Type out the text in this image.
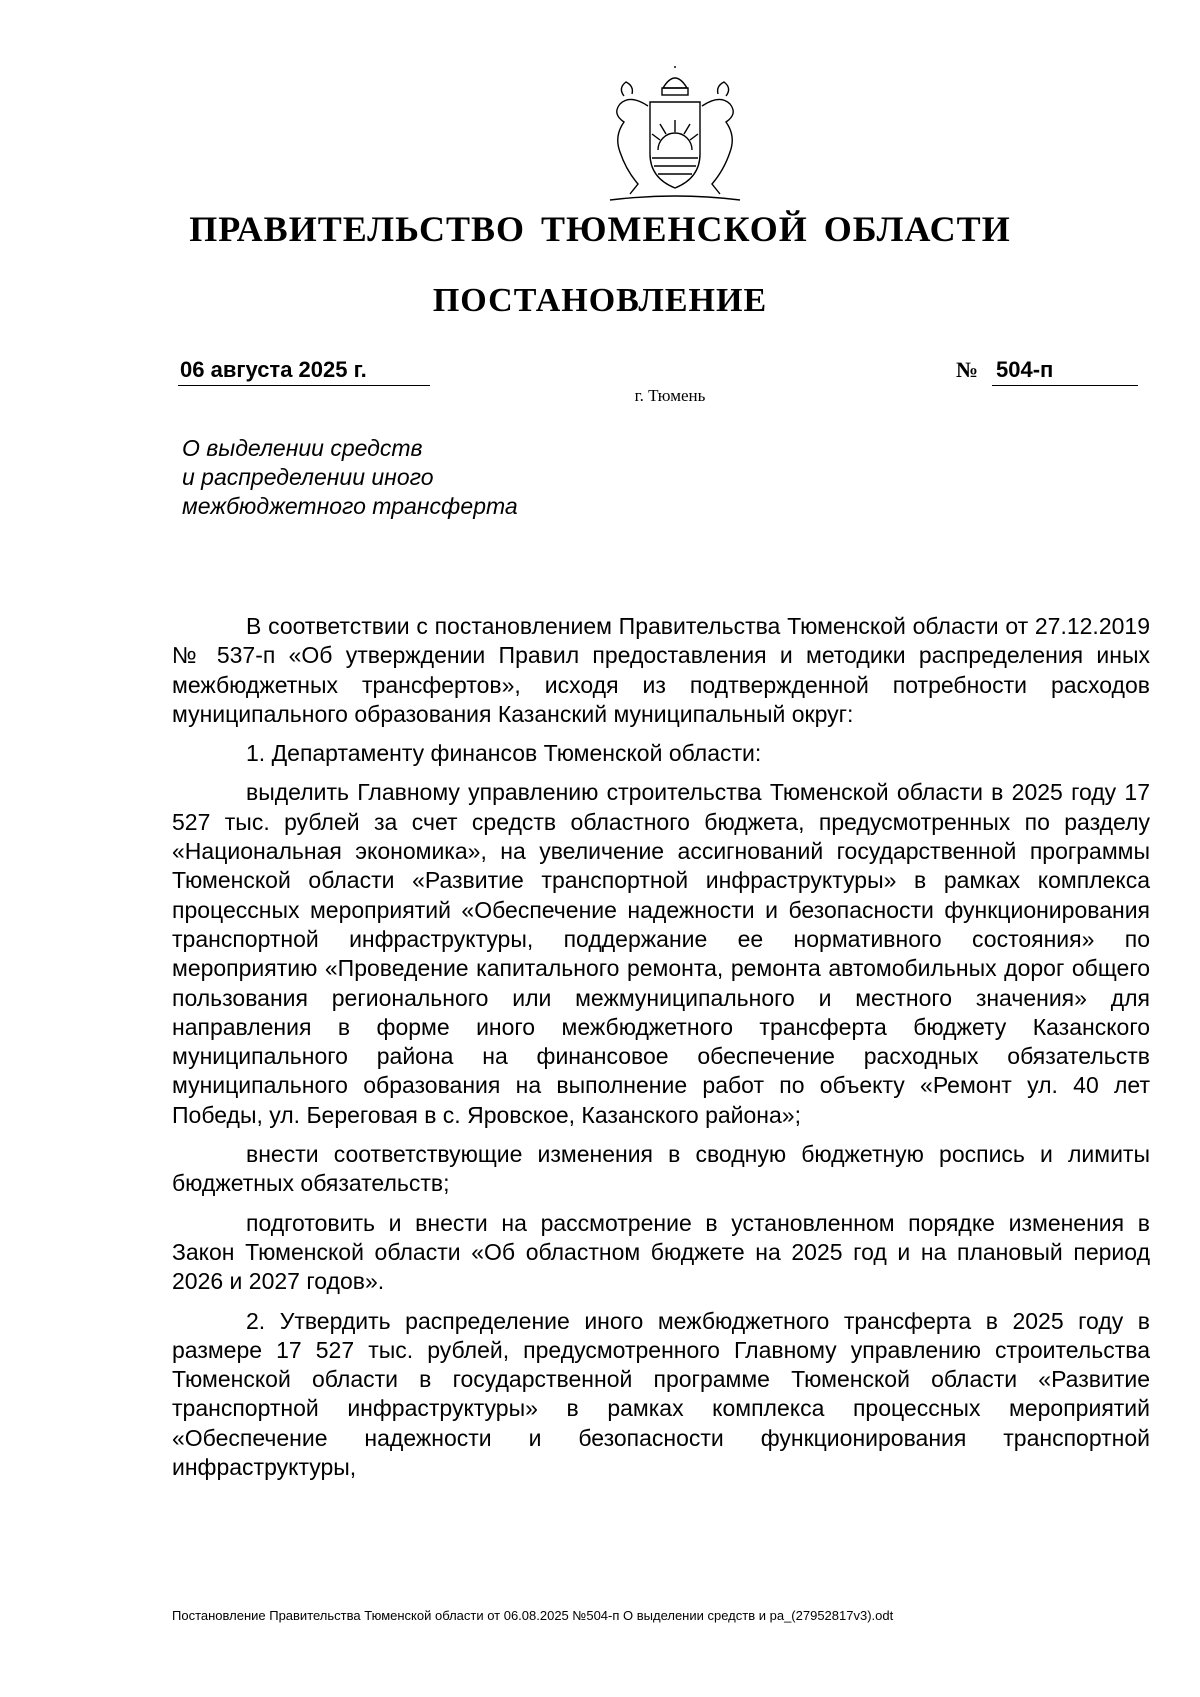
ПРАВИТЕЛЬСТВО ТЮМЕНСКОЙ ОБЛАСТИ
ПОСТАНОВЛЕНИЕ
06 августа 2025 г.	№ 504-п
г. Тюмень
О выделении средств
и распределении иного
межбюджетного трансферта

В соответствии с постановлением Правительства Тюменской области от 27.12.2019 № 537-п «Об утверждении Правил предоставления и методики распределения иных межбюджетных трансфертов», исходя из подтвержденной потребности расходов муниципального образования Казанский муниципальный округ:

1. Департаменту финансов Тюменской области:

выделить Главному управлению строительства Тюменской области в 2025 году 17 527 тыс. рублей за счет средств областного бюджета, предусмотренных по разделу «Национальная экономика», на увеличение ассигнований государственной программы Тюменской области «Развитие транспортной инфраструктуры» в рамках комплекса процессных мероприятий «Обеспечение надежности и безопасности функционирования транспортной инфраструктуры, поддержание ее нормативного состояния» по мероприятию «Проведение капитального ремонта, ремонта автомобильных дорог общего пользования регионального или межмуниципального и местного значения» для направления в форме иного межбюджетного трансферта бюджету Казанского муниципального района на финансовое обеспечение расходных обязательств муниципального образования на выполнение работ по объекту «Ремонт ул. 40 лет Победы, ул. Береговая в с. Яровское, Казанского района»;

внести соответствующие изменения в сводную бюджетную роспись и лимиты бюджетных обязательств;

подготовить и внести на рассмотрение в установленном порядке изменения в Закон Тюменской области «Об областном бюджете на 2025 год и на плановый период 2026 и 2027 годов».

2. Утвердить распределение иного межбюджетного трансферта в 2025 году в размере 17 527 тыс. рублей, предусмотренного Главному управлению строительства Тюменской области в государственной программе Тюменской области «Развитие транспортной инфраструктуры» в рамках комплекса процессных мероприятий «Обеспечение надежности и безопасности функционирования транспортной инфраструктуры,

Постановление Правительства Тюменской области от 06.08.2025 №504-п О выделении средств и ра_(27952817v3).odt
